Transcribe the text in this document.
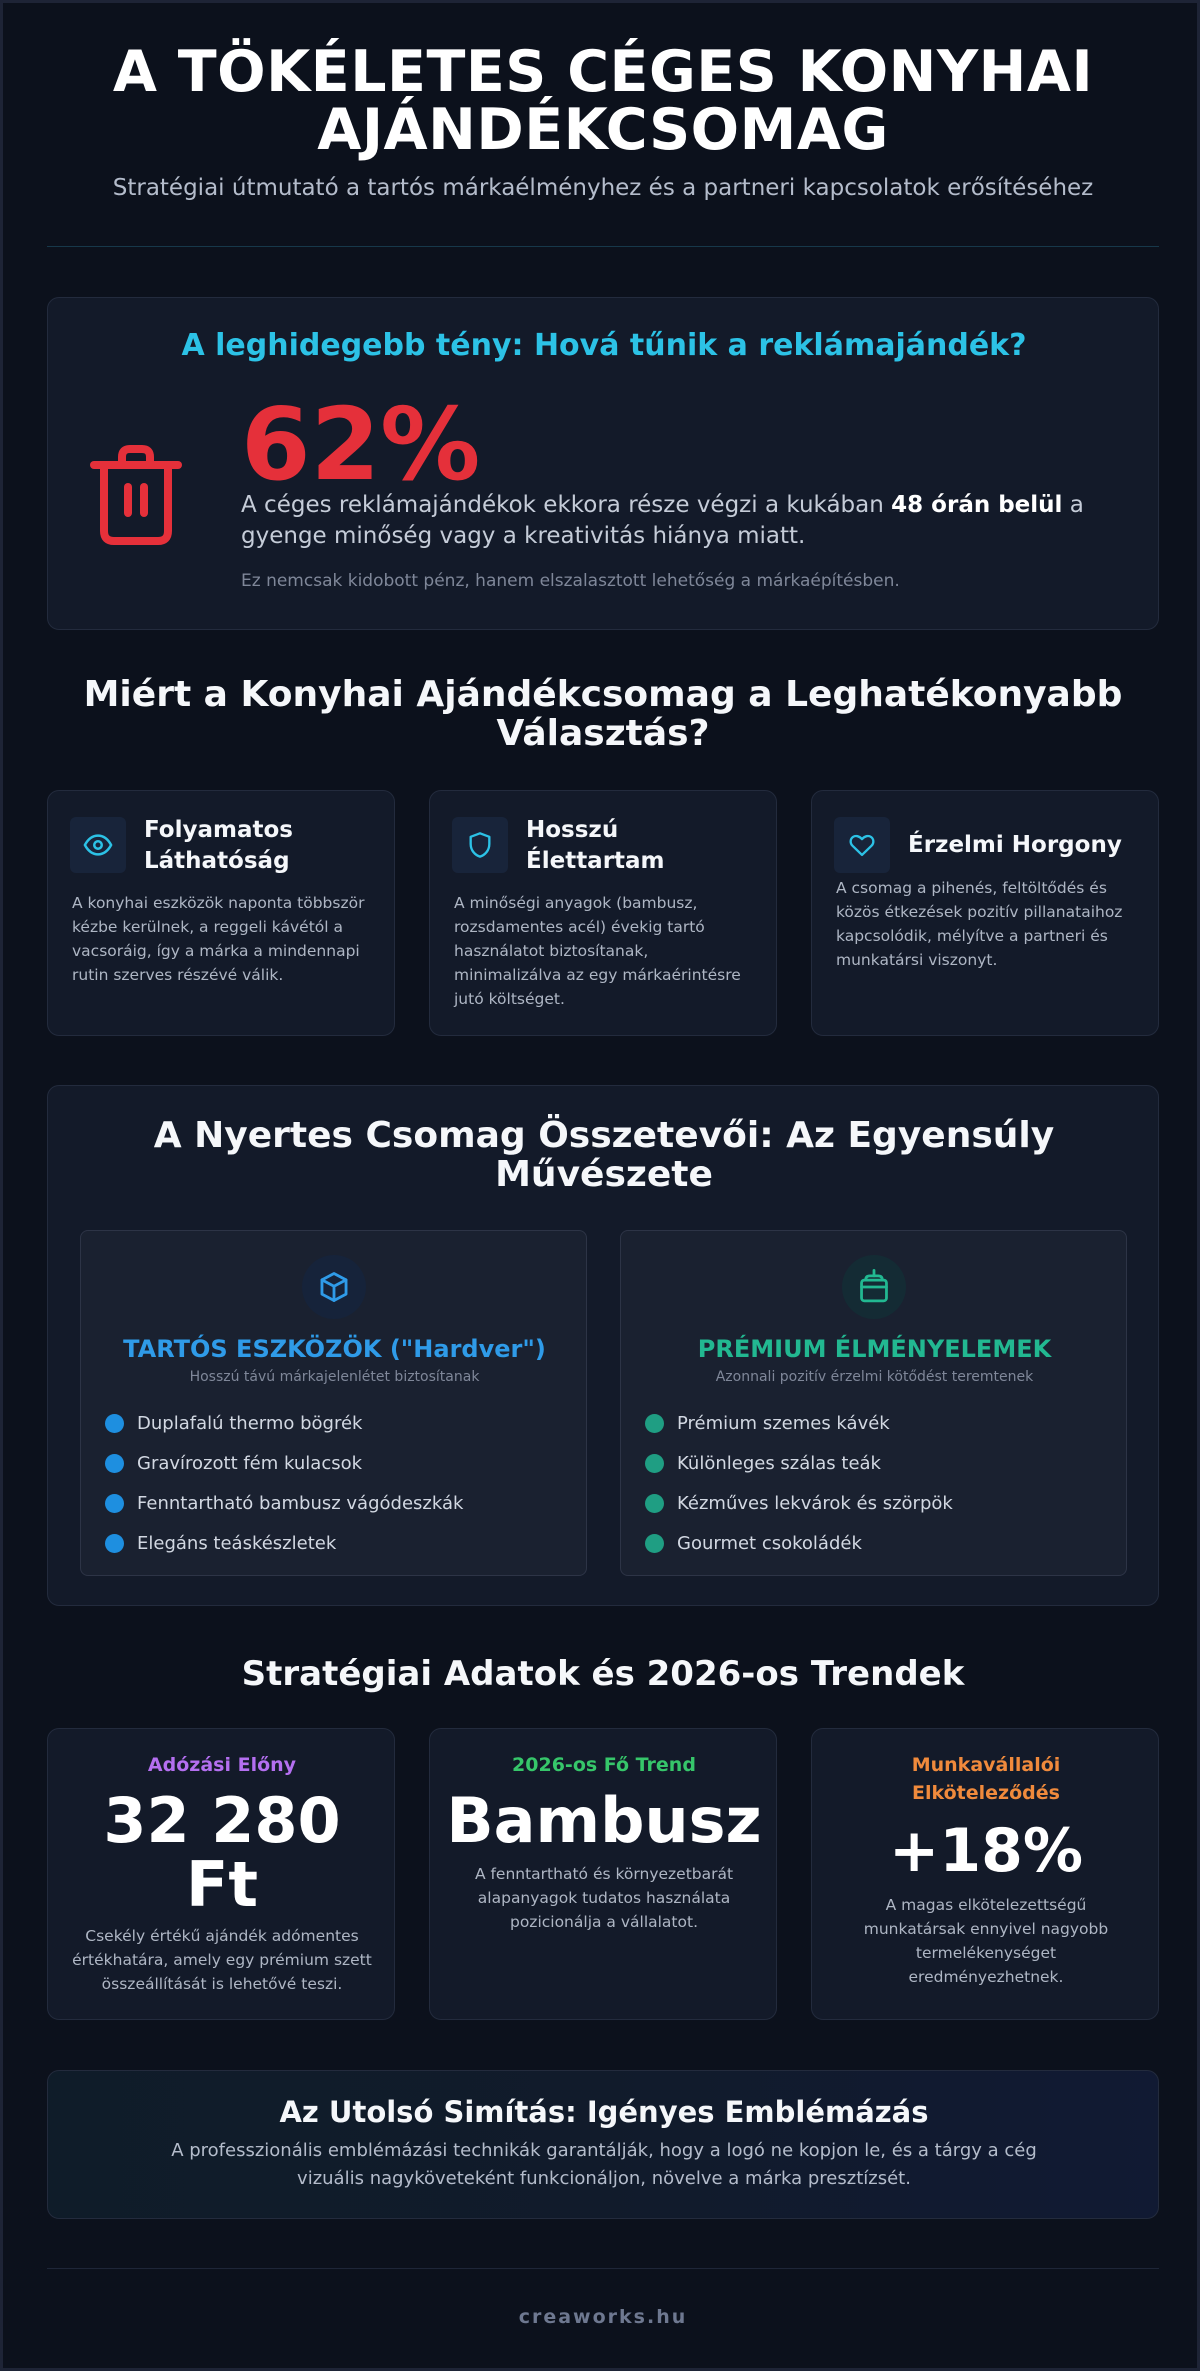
A TÖKÉLETES CÉGES KONYHAI
AJÁNDÉKCSOMAG
Stratégiai útmutató a tartós márkaélményhez és a partneri kapcsolatok erősítéséhez
A leghidegebb tény: Hová tűnik a reklámajándék?
62%
A céges reklámajándékok ekkora része végzi a kukában 48 órán belül a gyenge minőség vagy a kreativitás hiánya miatt.
Ez nemcsak kidobott pénz, hanem elszalasztott lehetőség a márkaépítésben.
Miért a Konyhai Ajándékcsomag a Leghatékonyabb
Választás?
Folyamatos
Láthatóság
A konyhai eszközök naponta többször kézbe kerülnek, a reggeli kávétól a vacsoráig, így a márka a mindennapi rutin szerves részévé válik.
Hosszú
Élettartam
A minőségi anyagok (bambusz, rozsdamentes acél) évekig tartó használatot biztosítanak, minimalizálva az egy márkaérintésre jutó költséget.
Érzelmi Horgony
A csomag a pihenés, feltöltődés és közös étkezések pozitív pillanataihoz kapcsolódik, mélyítve a partneri és munkatársi viszonyt.
A Nyertes Csomag Összetevői: Az Egyensúly
Művészete
TARTÓS ESZKÖZÖK ("Hardver")
Hosszú távú márkajelenlétet biztosítanak
Duplafalú thermo bögrék
Gravírozott fém kulacsok
Fenntartható bambusz vágódeszkák
Elegáns teáskészletek
PRÉMIUM ÉLMÉNYELEMEK
Azonnali pozitív érzelmi kötődést teremtenek
Prémium szemes kávék
Különleges szálas teák
Kézműves lekvárok és szörpök
Gourmet csokoládék
Stratégiai Adatok és 2026-os Trendek
Adózási Előny
32 280
Ft
Csekély értékű ajándék adómentes értékhatára, amely egy prémium szett összeállítását is lehetővé teszi.
2026-os Fő Trend
Bambusz
A fenntartható és környezetbarát alapanyagok tudatos használata pozicionálja a vállalatot.
Munkavállalói
Elköteleződés
+18%
A magas elkötelezettségű munkatársak ennyivel nagyobb termelékenységet eredményezhetnek.
Az Utolsó Simítás: Igényes Emblémázás
A professzionális emblémázási technikák garantálják, hogy a logó ne kopjon le, és a tárgy a cég vizuális nagyköveteként funkcionáljon, növelve a márka presztízsét.
creaworks.hu
